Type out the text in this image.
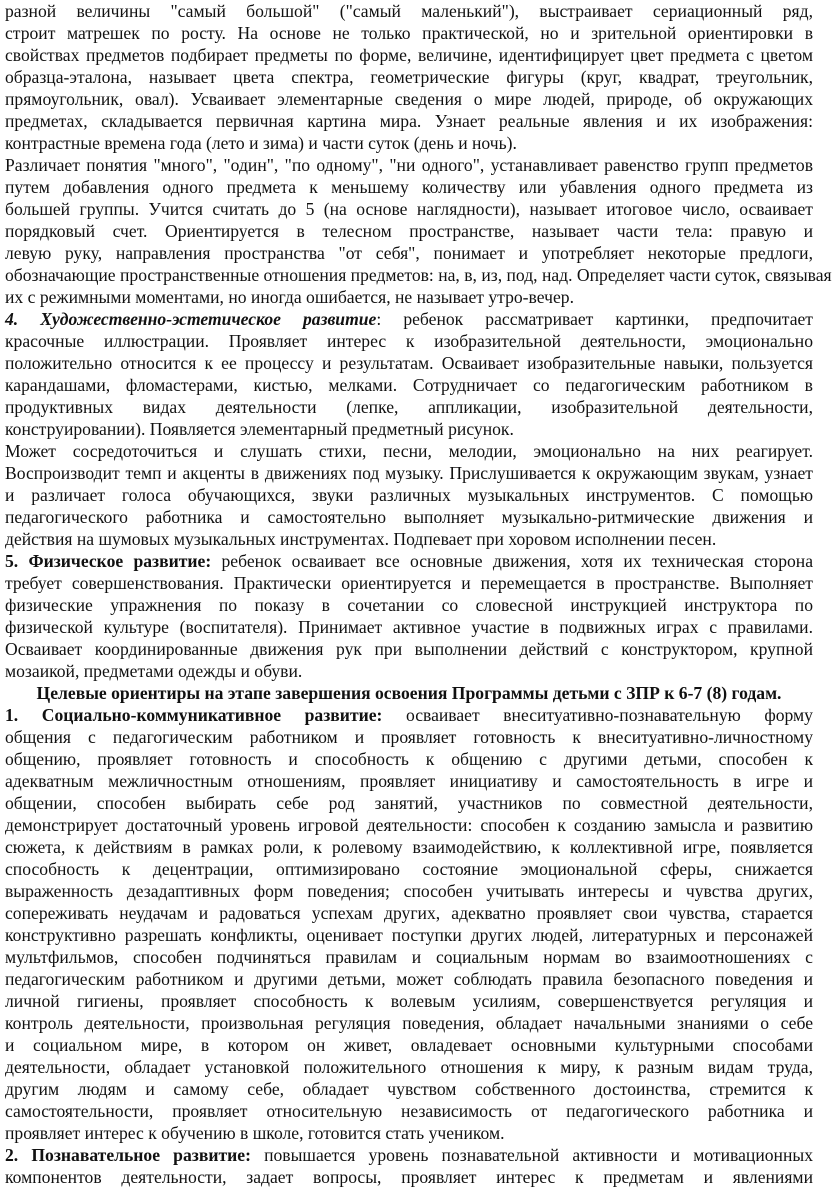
разной величины "самый большой" ("самый маленький"), выстраивает сериационный ряд,
строит матрешек по росту. На основе не только практической, но и зрительной ориентировки в
свойствах предметов подбирает предметы по форме, величине, идентифицирует цвет предмета с цветом
образца-эталона, называет цвета спектра, геометрические фигуры (круг, квадрат, треугольник,
прямоугольник, овал). Усваивает элементарные сведения о мире людей, природе, об окружающих
предметах, складывается первичная картина мира. Узнает реальные явления и их изображения:
контрастные времена года (лето и зима) и части суток (день и ночь).
Различает понятия "много", "один", "по одному", "ни одного", устанавливает равенство групп предметов
путем добавления одного предмета к меньшему количеству или убавления одного предмета из
большей группы. Учится считать до 5 (на основе наглядности), называет итоговое число, осваивает
порядковый счет. Ориентируется в телесном пространстве, называет части тела: правую и
левую руку, направления пространства "от себя", понимает и употребляет некоторые предлоги,
обозначающие пространственные отношения предметов: на, в, из, под, над. Определяет части суток, связывая
их с режимными моментами, но иногда ошибается, не называет утро-вечер.
4. Художественно-эстетическое развитие: ребенок рассматривает картинки, предпочитает
красочные иллюстрации. Проявляет интерес к изобразительной деятельности, эмоционально
положительно относится к ее процессу и результатам. Осваивает изобразительные навыки, пользуется
карандашами, фломастерами, кистью, мелками. Сотрудничает со педагогическим работником в
продуктивных видах деятельности (лепке, аппликации, изобразительной деятельности,
конструировании). Появляется элементарный предметный рисунок.
Может сосредоточиться и слушать стихи, песни, мелодии, эмоционально на них реагирует.
Воспроизводит темп и акценты в движениях под музыку. Прислушивается к окружающим звукам, узнает
и различает голоса обучающихся, звуки различных музыкальных инструментов. С помощью
педагогического работника и самостоятельно выполняет музыкально-ритмические движения и
действия на шумовых музыкальных инструментах. Подпевает при хоровом исполнении песен.
5. Физическое развитие: ребенок осваивает все основные движения, хотя их техническая сторона
требует совершенствования. Практически ориентируется и перемещается в пространстве. Выполняет
физические упражнения по показу в сочетании со словесной инструкцией инструктора по
физической культуре (воспитателя). Принимает активное участие в подвижных играх с правилами.
Осваивает координированные движения рук при выполнении действий с конструктором, крупной
мозаикой, предметами одежды и обуви.
Целевые ориентиры на этапе завершения освоения Программы детьми с ЗПР к 6-7 (8) годам.
1. Социально-коммуникативное развитие: осваивает внеситуативно-познавательную форму
общения с педагогическим работником и проявляет готовность к внеситуативно-личностному
общению, проявляет готовность и способность к общению с другими детьми, способен к
адекватным межличностным отношениям, проявляет инициативу и самостоятельность в игре и
общении, способен выбирать себе род занятий, участников по совместной деятельности,
демонстрирует достаточный уровень игровой деятельности: способен к созданию замысла и развитию
сюжета, к действиям в рамках роли, к ролевому взаимодействию, к коллективной игре, появляется
способность к децентрации, оптимизировано состояние эмоциональной сферы, снижается
выраженность дезадаптивных форм поведения; способен учитывать интересы и чувства других,
сопереживать неудачам и радоваться успехам других, адекватно проявляет свои чувства, старается
конструктивно разрешать конфликты, оценивает поступки других людей, литературных и персонажей
мультфильмов, способен подчиняться правилам и социальным нормам во взаимоотношениях с
педагогическим работником и другими детьми, может соблюдать правила безопасного поведения и
личной гигиены, проявляет способность к волевым усилиям, совершенствуется регуляция и
контроль деятельности, произвольная регуляция поведения, обладает начальными знаниями о себе
и социальном мире, в котором он живет, овладевает основными культурными способами
деятельности, обладает установкой положительного отношения к миру, к разным видам труда,
другим людям и самому себе, обладает чувством собственного достоинства, стремится к
самостоятельности, проявляет относительную независимость от педагогического работника и
проявляет интерес к обучению в школе, готовится стать учеником.
2. Познавательное развитие: повышается уровень познавательной активности и мотивационных
компонентов деятельности, задает вопросы, проявляет интерес к предметам и явлениями
